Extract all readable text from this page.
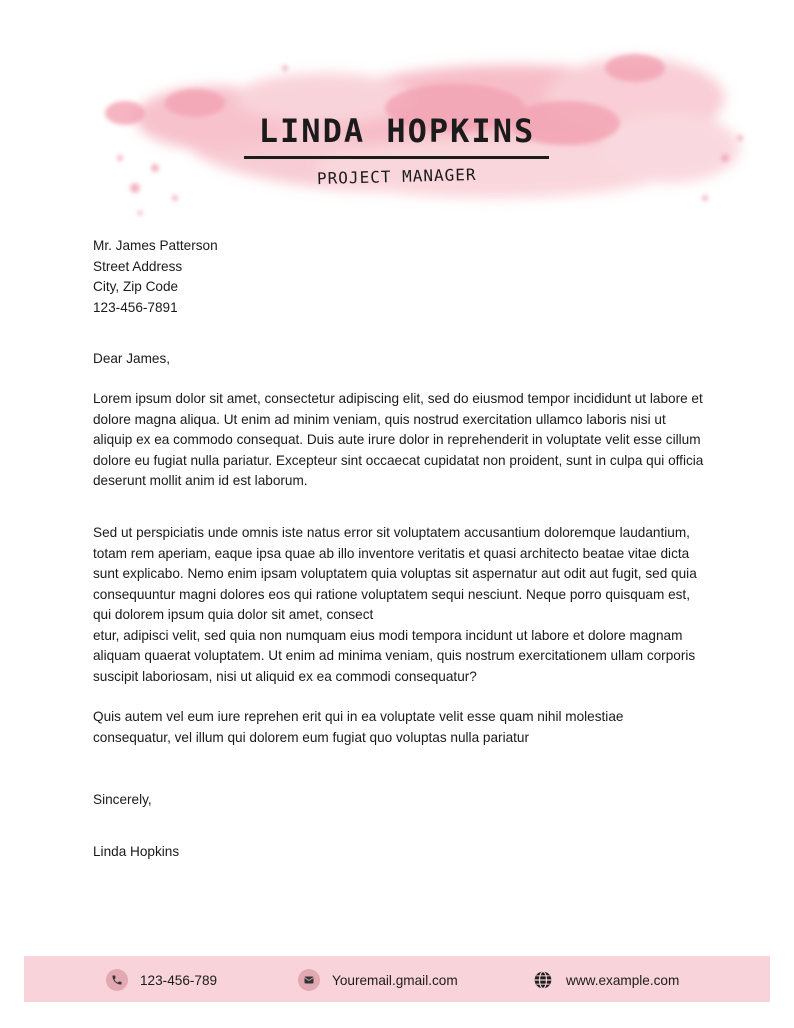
LINDA HOPKINS
PROJECT MANAGER
Mr. James Patterson
Street Address
City, Zip Code
123-456-7891
Dear James,

Lorem ipsum dolor sit amet, consectetur adipiscing elit, sed do eiusmod tempor incididunt ut labore et dolore magna aliqua. Ut enim ad minim veniam, quis nostrud exercitation ullamco laboris nisi ut aliquip ex ea commodo consequat. Duis aute irure dolor in reprehenderit in voluptate velit esse cillum dolore eu fugiat nulla pariatur. Excepteur sint occaecat cupidatat non proident, sunt in culpa qui officia deserunt mollit anim id est laborum.

Sed ut perspiciatis unde omnis iste natus error sit voluptatem accusantium doloremque laudantium, totam rem aperiam, eaque ipsa quae ab illo inventore veritatis et quasi architecto beatae vitae dicta sunt explicabo. Nemo enim ipsam voluptatem quia voluptas sit aspernatur aut odit aut fugit, sed quia consequuntur magni dolores eos qui ratione voluptatem sequi nesciunt. Neque porro quisquam est, qui dolorem ipsum quia dolor sit amet, consect

etur, adipisci velit, sed quia non numquam eius modi tempora incidunt ut labore et dolore magnam aliquam quaerat voluptatem. Ut enim ad minima veniam, quis nostrum exercitationem ullam corporis suscipit laboriosam, nisi ut aliquid ex ea commodi consequatur?

Quis autem vel eum iure reprehen erit qui in ea voluptate velit esse quam nihil molestiae consequatur, vel illum qui dolorem eum fugiat quo voluptas nulla pariatur

Sincerely,
Linda Hopkins
123-456-789	Youremail.gmail.com	www.example.com
